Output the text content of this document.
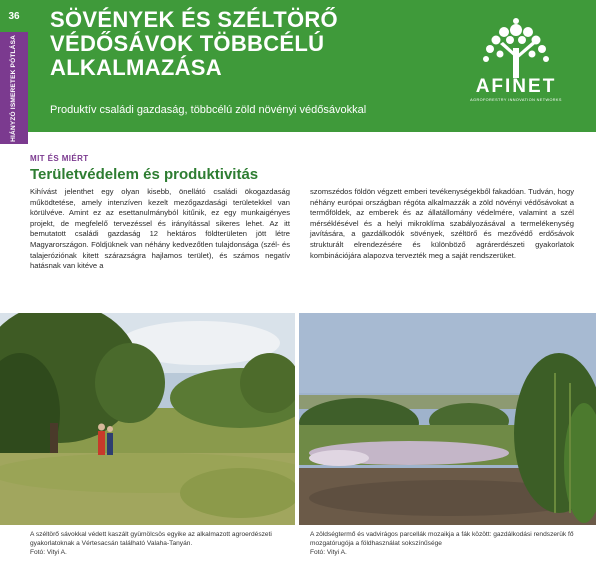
36
HIÁNYZÓ ISMERETEK PÓTLÁSA
SÖVÉNYEK ÉS SZÉLTÖRŐ VÉDŐSÁVOK TÖBBCÉLÚ ALKALMAZÁSA
Produktív családi gazdaság, többcélú zöld növényi védősávokkal
AFINET
AGROFORESTRY INNOVATION NETWORKS
MIT ÉS MIÉRT
Területvédelem és produktivitás

Kihívást jelenthet egy olyan kisebb, önellátó családi ökogazdaság működtetése, amely intenzíven kezelt mezőgazdasági területekkel van körülvéve. Amint ez az esettanulmányból kitűnik, ez egy munkaigényes projekt, de megfelelő tervezéssel és irányítással sikeres lehet. Az itt bemutatott családi gazdaság 12 hektáros földterületen jött létre Magyarországon. Földjüknek van néhány kedvezőtlen tulajdonsága (szél- és talajeróziónak kitett szárazságra hajlamos terület), és számos negatív hatásnak van kitéve a

szomszédos földön végzett emberi tevékenységekből fakadóan. Tudván, hogy néhány európai országban régóta alkalmazzák a zöld növényi védősávokat a termőföldek, az emberek és az állatállomány védelmére, valamint a szél mérséklésével és a helyi mikroklíma szabályozásával a termelékenység javítására, a gazdálkodók sövények, széltörő és mezővédő erdősávok strukturált elrendezésére és különböző agrárerdészeti gyakorlatok kombinációjára alapozva tervezték meg a saját rendszerüket.

A széltörő sávokkal védett kaszált gyümölcsös egyike az alkalmazott agroerdészeti gyakorlatoknak a Vértesacsán található Valaha-Tanyán.
Fotó: Vityi A.
A zöldségtermő és vadvirágos parcellák mozaikja a fák között: gazdálkodási rendszerük fő mozgatórugója a földhasználat sokszínűsége
Fotó: Vityi A.
